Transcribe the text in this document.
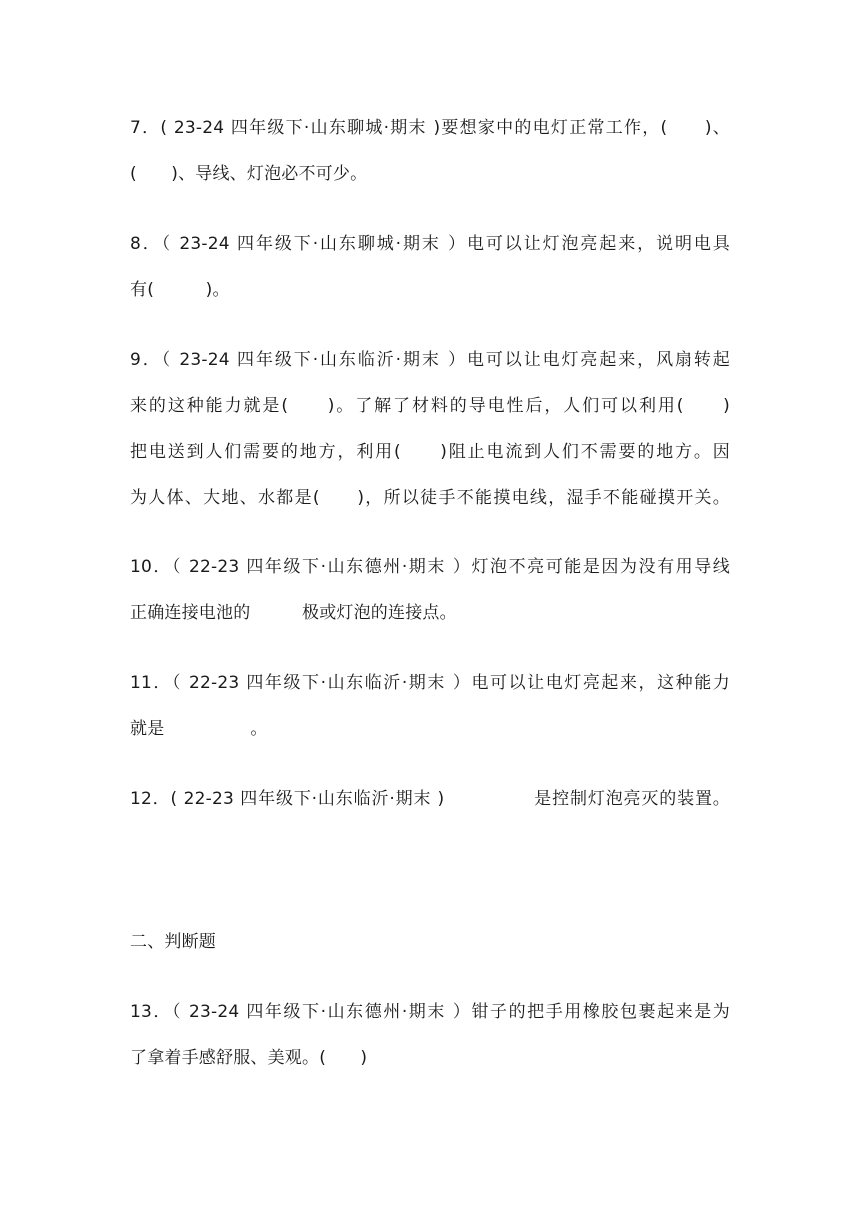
7．( 23-24 四年级下·山东聊城·期末 )要想家中的电灯正常工作，(　　)、
(　　)、导线、灯泡必不可少。
8．（ 23-24 四年级下·山东聊城·期末 ）电可以让灯泡亮起来，说明电具
有(　　　)。
9．（ 23-24 四年级下·山东临沂·期末 ）电可以让电灯亮起来，风扇转起
来的这种能力就是(　　)。了解了材料的导电性后，人们可以利用(　　)
把电送到人们需要的地方，利用(　　)阻止电流到人们不需要的地方。因
为人体、大地、水都是(　　)，所以徒手不能摸电线，湿手不能碰摸开关。
10．（ 22-23 四年级下·山东德州·期末 ）灯泡不亮可能是因为没有用导线
正确连接电池的　　　极或灯泡的连接点。
11．（ 22-23 四年级下·山东临沂·期末 ）电可以让电灯亮起来，这种能力
就是　　　　　。
12．( 22-23 四年级下·山东临沂·期末 )　　　　　是控制灯泡亮灭的装置。
二、判断题
13．（ 23-24 四年级下·山东德州·期末 ）钳子的把手用橡胶包裹起来是为
了拿着手感舒服、美观。(　　)
